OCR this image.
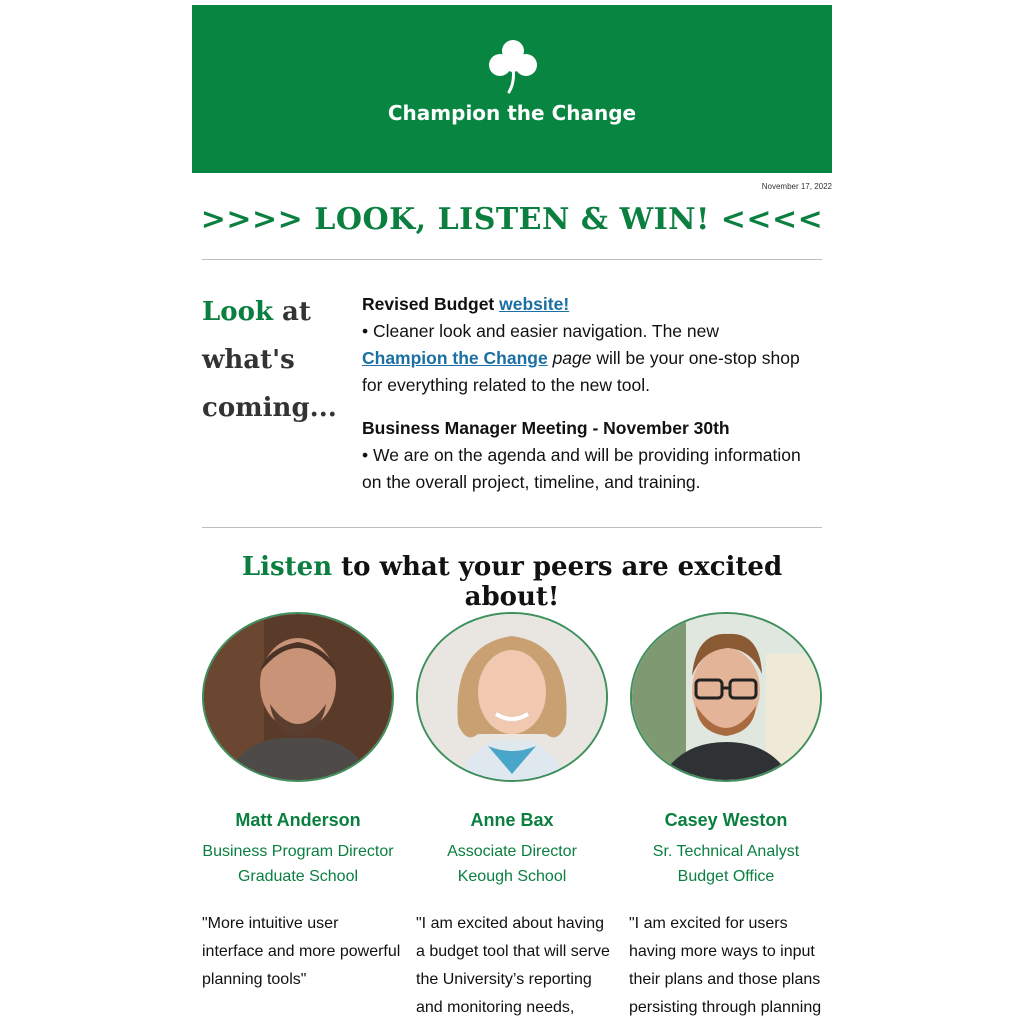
Champion the Change
November 17, 2022
>>>> LOOK, LISTEN & WIN! <<<<
Look at
what's
coming...

Revised Budget website!
• Cleaner look and easier navigation. The new
Champion the Change page will be your one-stop shop for everything related to the new tool.

Business Manager Meeting - November 30th
• We are on the agenda and will be providing information on the overall project, timeline, and training.

Listen to what your peers are excited about!
Matt Anderson
Business Program Director
Graduate School
Anne Bax
Associate Director
Keough School
Casey Weston
Sr. Technical Analyst
Budget Office
"More intuitive user interface and more powerful planning tools"
"I am excited about having a budget tool that will serve the University’s reporting and monitoring needs,
"I am excited for users having more ways to input their plans and those plans persisting through planning
